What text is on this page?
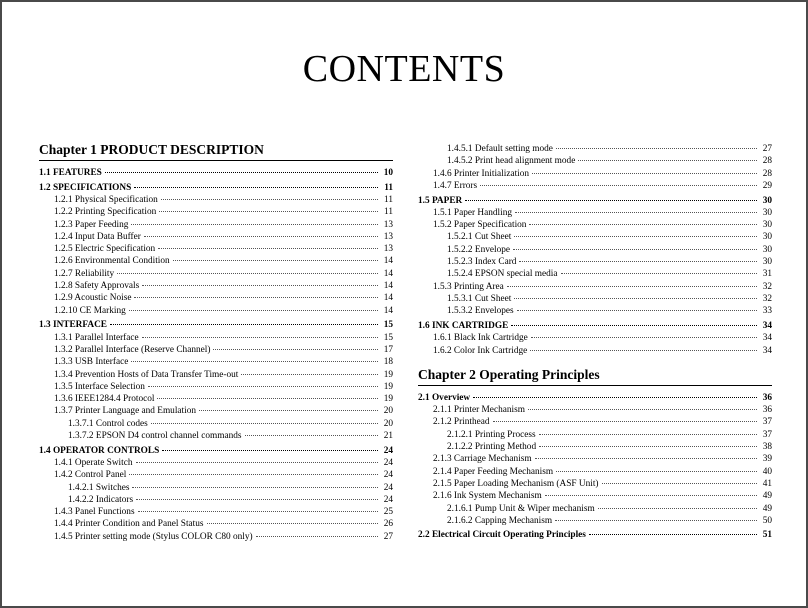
CONTENTS
Chapter 1 PRODUCT DESCRIPTION
1.1 FEATURES	10
1.2 SPECIFICATIONS	11
1.2.1 Physical Specification	11
1.2.2 Printing Specification	11
1.2.3 Paper Feeding	13
1.2.4 Input Data Buffer	13
1.2.5 Electric Specification	13
1.2.6 Environmental Condition	14
1.2.7 Reliability	14
1.2.8 Safety Approvals	14
1.2.9 Acoustic Noise	14
1.2.10 CE Marking	14
1.3 INTERFACE	15
1.3.1 Parallel Interface	15
1.3.2 Parallel Interface (Reserve Channel)	17
1.3.3 USB Interface	18
1.3.4 Prevention Hosts of Data Transfer Time-out	19
1.3.5 Interface Selection	19
1.3.6 IEEE1284.4 Protocol	19
1.3.7 Printer Language and Emulation	20
1.3.7.1 Control codes	20
1.3.7.2 EPSON D4 control channel commands	21
1.4 OPERATOR CONTROLS	24
1.4.1 Operate Switch	24
1.4.2 Control Panel	24
1.4.2.1 Switches	24
1.4.2.2 Indicators	24
1.4.3 Panel Functions	25
1.4.4 Printer Condition and Panel Status	26
1.4.5 Printer setting mode (Stylus COLOR C80 only)	27
1.4.5.1 Default setting mode	27
1.4.5.2 Print head alignment mode	28
1.4.6 Printer Initialization	28
1.4.7 Errors	29
1.5 PAPER	30
1.5.1 Paper Handling	30
1.5.2 Paper Specification	30
1.5.2.1 Cut Sheet	30
1.5.2.2 Envelope	30
1.5.2.3 Index Card	30
1.5.2.4 EPSON special media	31
1.5.3 Printing Area	32
1.5.3.1 Cut Sheet	32
1.5.3.2 Envelopes	33
1.6 INK CARTRIDGE	34
1.6.1 Black Ink Cartridge	34
1.6.2 Color Ink Cartridge	34
Chapter 2 Operating Principles
2.1 Overview	36
2.1.1 Printer Mechanism	36
2.1.2 Printhead	37
2.1.2.1 Printing Process	37
2.1.2.2 Printing Method	38
2.1.3 Carriage Mechanism	39
2.1.4 Paper Feeding Mechanism	40
2.1.5 Paper Loading Mechanism (ASF Unit)	41
2.1.6 Ink System Mechanism	49
2.1.6.1 Pump Unit & Wiper mechanism	49
2.1.6.2 Capping Mechanism	50
2.2 Electrical Circuit Operating Principles	51
